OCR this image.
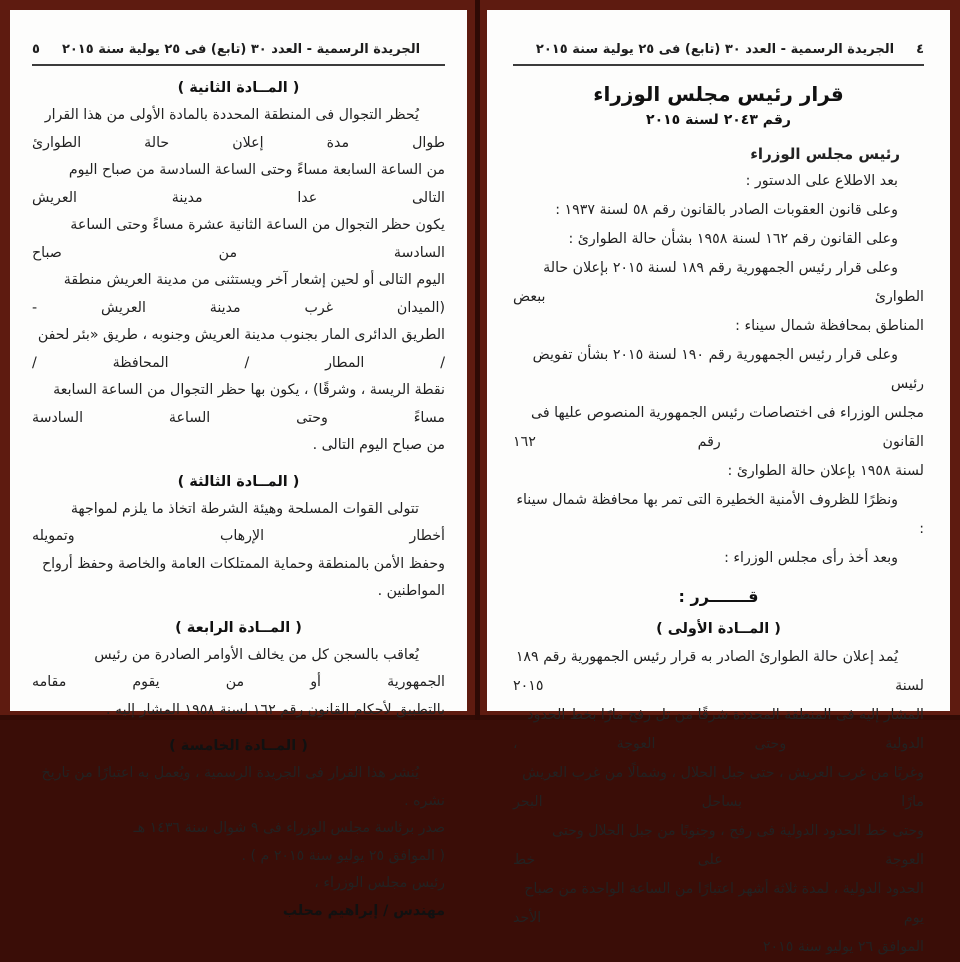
الجريدة الرسمية - العدد ٣٠ (تابع) فى ٢٥ يولية سنة ٢٠١٥
٥
( المــادة الثانية )

يُحظر التجوال فى المنطقة المحددة بالمادة الأولى من هذا القرار طوال مدة إعلان حالة الطوارئ

من الساعة السابعة مساءً وحتى الساعة السادسة من صباح اليوم التالى عدا مدينة العريش

يكون حظر التجوال من الساعة الثانية عشرة مساءً وحتى الساعة السادسة من صباح

اليوم التالى أو لحين إشعار آخر ويستثنى من مدينة العريش منطقة (الميدان غرب مدينة العريش -

الطريق الدائرى المار بجنوب مدينة العريش وجنوبه ، طريق «بئر لحفن / المطار / المحافظة /

نقطة الريسة ، وشرقًا) ، يكون بها حظر التجوال من الساعة السابعة مساءً وحتى الساعة السادسة

من صباح اليوم التالى .

( المــادة الثالثة )

تتولى القوات المسلحة وهيئة الشرطة اتخاذ ما يلزم لمواجهة أخطار الإرهاب وتمويله

وحفظ الأمن بالمنطقة وحماية الممتلكات العامة والخاصة وحفظ أرواح المواطنين .

( المــادة الرابعة )

يُعاقب بالسجن كل من يخالف الأوامر الصادرة من رئيس الجمهورية أو من يقوم مقامه

بالتطبيق لأحكام القانون رقم ١٦٢ لسنة ١٩٥٨ المشار إليه .

( المــادة الخامسة )

يُنشر هذا القرار فى الجريدة الرسمية ، ويُعمل به اعتبارًا من تاريخ نشره .

صدر برئاسة مجلس الوزراء فى ٩ شوال سنة ١٤٣٦ هـ

( الموافق ٢٥ يوليو سنة ٢٠١٥ م ) .

رئيس مجلس الوزراء ،

مهندس / إبراهيم محلب

٤
الجريدة الرسمية - العدد ٣٠ (تابع) فى ٢٥ يولية سنة ٢٠١٥
قرار رئيس مجلس الوزراء
رقم ٢٠٤٣ لسنة ٢٠١٥
رئيس مجلس الوزراء

بعد الاطلاع على الدستور :

وعلى قانون العقوبات الصادر بالقانون رقم ٥٨ لسنة ١٩٣٧ :

وعلى القانون رقم ١٦٢ لسنة ١٩٥٨ بشأن حالة الطوارئ :

وعلى قرار رئيس الجمهورية رقم ١٨٩ لسنة ٢٠١٥ بإعلان حالة الطوارئ ببعض

المناطق بمحافظة شمال سيناء :

وعلى قرار رئيس الجمهورية رقم ١٩٠ لسنة ٢٠١٥ بشأن تفويض رئيس

مجلس الوزراء فى اختصاصات رئيس الجمهورية المنصوص عليها فى القانون رقم ١٦٢

لسنة ١٩٥٨ بإعلان حالة الطوارئ :

ونظرًا للظروف الأمنية الخطيرة التى تمر بها محافظة شمال سيناء :

وبعد أخذ رأى مجلس الوزراء :

قـــــــرر :
( المــادة الأولى )

يُمد إعلان حالة الطوارئ الصادر به قرار رئيس الجمهورية رقم ١٨٩ لسنة ٢٠١٥

المشار إليه فى المنطقة المحددة شرقًا من تل رفح مارًا بخط الحدود الدولية وحتى العوجة ،

وغربًا من غرب العريش ، حتى جبل الحلال ، وشمالًا من غرب العريش مارًا بساحل البحر

وحتى خط الحدود الدولية فى رفح ، وجنوبًا من جبل الحلال وحتى العوجة على خط

الحدود الدولية ، لمدة ثلاثة أشهر اعتبارًا من الساعة الواحدة من صباح يوم الأحد

الموافق ٢٦ يوليو سنة ٢٠١٥
